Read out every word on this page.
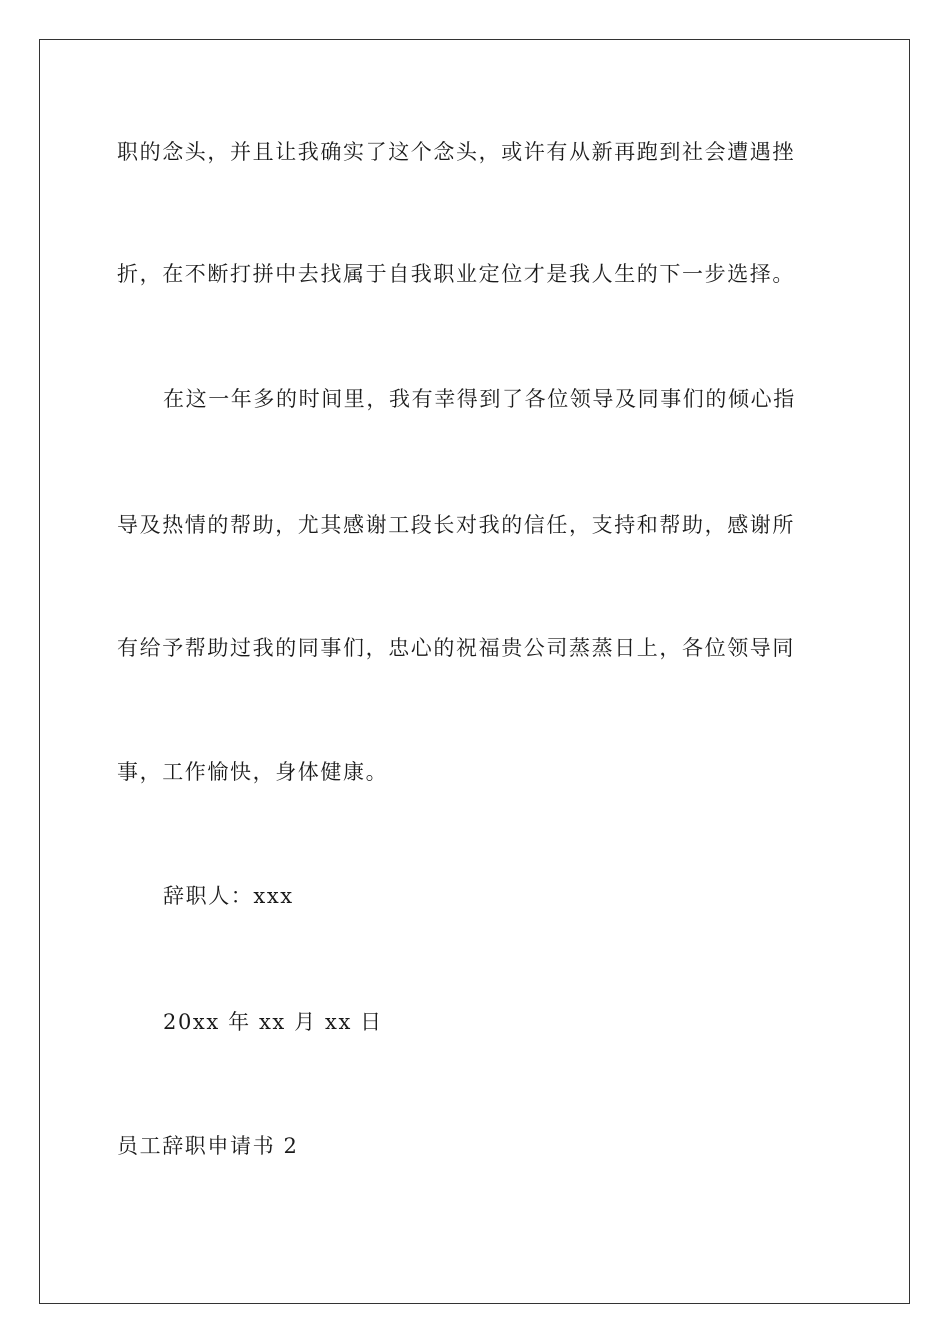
职的念头，并且让我确实了这个念头，或许有从新再跑到社会遭遇挫
折，在不断打拼中去找属于自我职业定位才是我人生的下一步选择。
在这一年多的时间里，我有幸得到了各位领导及同事们的倾心指
导及热情的帮助，尤其感谢工段长对我的信任，支持和帮助，感谢所
有给予帮助过我的同事们，忠心的祝福贵公司蒸蒸日上，各位领导同
事，工作愉快，身体健康。
辞职人：xxx
20xx 年 xx 月 xx 日
员工辞职申请书 2
